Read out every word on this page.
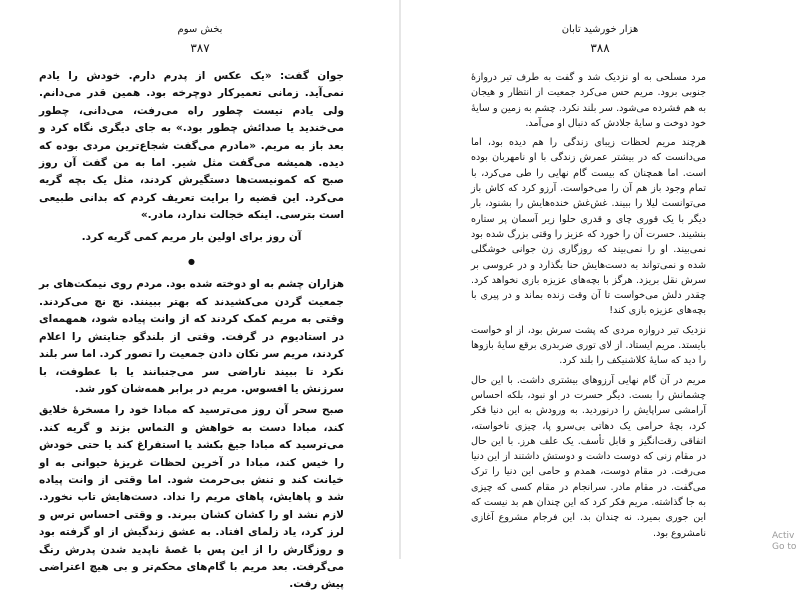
بخش سوم
۳۸۷

جوان گفت: «یک عکس از پدرم دارم. خودش را یادم نمی‌آید. زمانی تعمیرکار دوچرخه بود. همین قدر می‌دانم. ولی یادم نیست چطور راه می‌رفت، می‌دانی، چطور می‌خندید یا صدائش چطور بود.» به جای دیگری نگاه کرد و بعد باز به مریم. «مادرم می‌گفت شجاع‌ترین مردی بوده که دیده. همیشه می‌گفت مثل شیر. اما به من گفت آن روز صبح که کمونیست‌ها دستگیرش کردند، مثل یک بچه گریه می‌کرد. این قضیه را برایت تعریف کردم که بدانی طبیعی است بترسی. اینکه خجالت ندارد، مادر.»

آن روز برای اولین بار مریم کمی گریه کرد.

●

هزاران چشم به او دوخته شده بود. مردم روی نیمکت‌های بر جمعیت گردن می‌کشیدند که بهتر ببینند. نچ نچ می‌کردند. وقتی به مریم کمک کردند که از وانت پیاده شود، همهمه‌ای در استادیوم در گرفت. وقتی از بلندگو جنایتش را اعلام کردند، مریم سر تکان دادن جمعیت را تصور کرد. اما سر بلند نکرد تا ببیند ناراضی سر می‌جنبانند یا با عطوفت، با سرزنش یا افسوس. مریم در برابر همه‌شان کور شد.

صبح سحر آن روز می‌ترسید که مبادا خود را مسخرهٔ خلایق کند، مبادا دست به خواهش و التماس بزند و گریه کند. می‌ترسید که مبادا جیغ بکشد یا استفراغ کند یا حتی خودش را خیس کند، مبادا در آخرین لحظات غریزهٔ حیوانی به او خیانت کند و تنش بی‌حرمت شود. اما وقتی از وانت پیاده شد و پاهایش، پاهای مریم را نداد. دست‌هایش تاب نخورد. لازم نشد او را کشان کشان ببرند. و وقتی احساس ترس و لرز کرد، یاد زلمای افتاد. به عشق زندگیش از او گرفته بود و روزگارش را از این پس با غصهٔ ناپدید شدن پدرش رنگ می‌گرفت. بعد مریم با گام‌های محکم‌تر و بی هیچ اعتراضی پیش رفت.

هزار خورشید تابان
۳۸۸

مرد مسلحی به او نزدیک شد و گفت به طرف تیر دروازهٔ جنوبی برود. مریم حس می‌کرد جمعیت از انتظار و هیجان به هم فشرده می‌شود. سر بلند نکرد. چشم به زمین و سایهٔ خود دوخت و سایهٔ جلادش که دنبال او می‌آمد.

هرچند مریم لحظات زیبای زندگی را هم دیده بود، اما می‌دانست که در بیشتر عمرش زندگی با او نامهربان بوده است. اما همچنان که بیست گام نهایی را طی می‌کرد، با تمام وجود باز هم آن را می‌خواست. آرزو کرد که کاش باز می‌توانست لیلا را ببیند. غش‌غش خنده‌هایش را بشنود، بار دیگر با یک قوری چای و قدری حلوا زیر آسمان پر ستاره بنشیند. حسرت آن را خورد که عزیز را وقتی بزرگ شده بود نمی‌بیند. او را نمی‌بیند که روزگاری زن جوانی خوشگلی شده و نمی‌تواند به دست‌هایش حنا بگذارد و در عروسی بر سرش نقل بریزد. هرگز با بچه‌های عزیزه بازی نخواهد کرد. چقدر دلش می‌خواست تا آن وقت زنده بماند و در پیری با بچه‌های عزیزه بازی کند!

نزدیک تیر دروازه مردی که پشت سرش بود، از او خواست بایستد. مریم ایستاد. از لای توری ضربدری برقع سایهٔ بازوها را دید که سایهٔ کلاشنیکف را بلند کرد.

مریم در آن گام نهایی آرزوهای بیشتری داشت. با این حال چشمانش را بست. دیگر حسرت در او نبود، بلکه احساس آرامشی سراپایش را درنوردید. به ورودش به این دنیا فکر کرد، بچهٔ حرامی یک دهاتی بی‌سرو پا، چیزی ناخواسته، اتفاقی رقت‌انگیز و قابل تأسف. یک علف هرز. با این حال در مقام زنی که دوست داشت و دوستش داشتند از این دنیا می‌رفت. در مقام دوست، همدم و حامی این دنیا را ترک می‌گفت. در مقام مادر. سرانجام در مقام کسی که چیزی به جا گذاشته. مریم فکر کرد که این چندان هم بد نیست که این جوری بمیرد. نه چندان بد. این فرجام مشروع آغازی نامشروع بود.	Activ Go to
